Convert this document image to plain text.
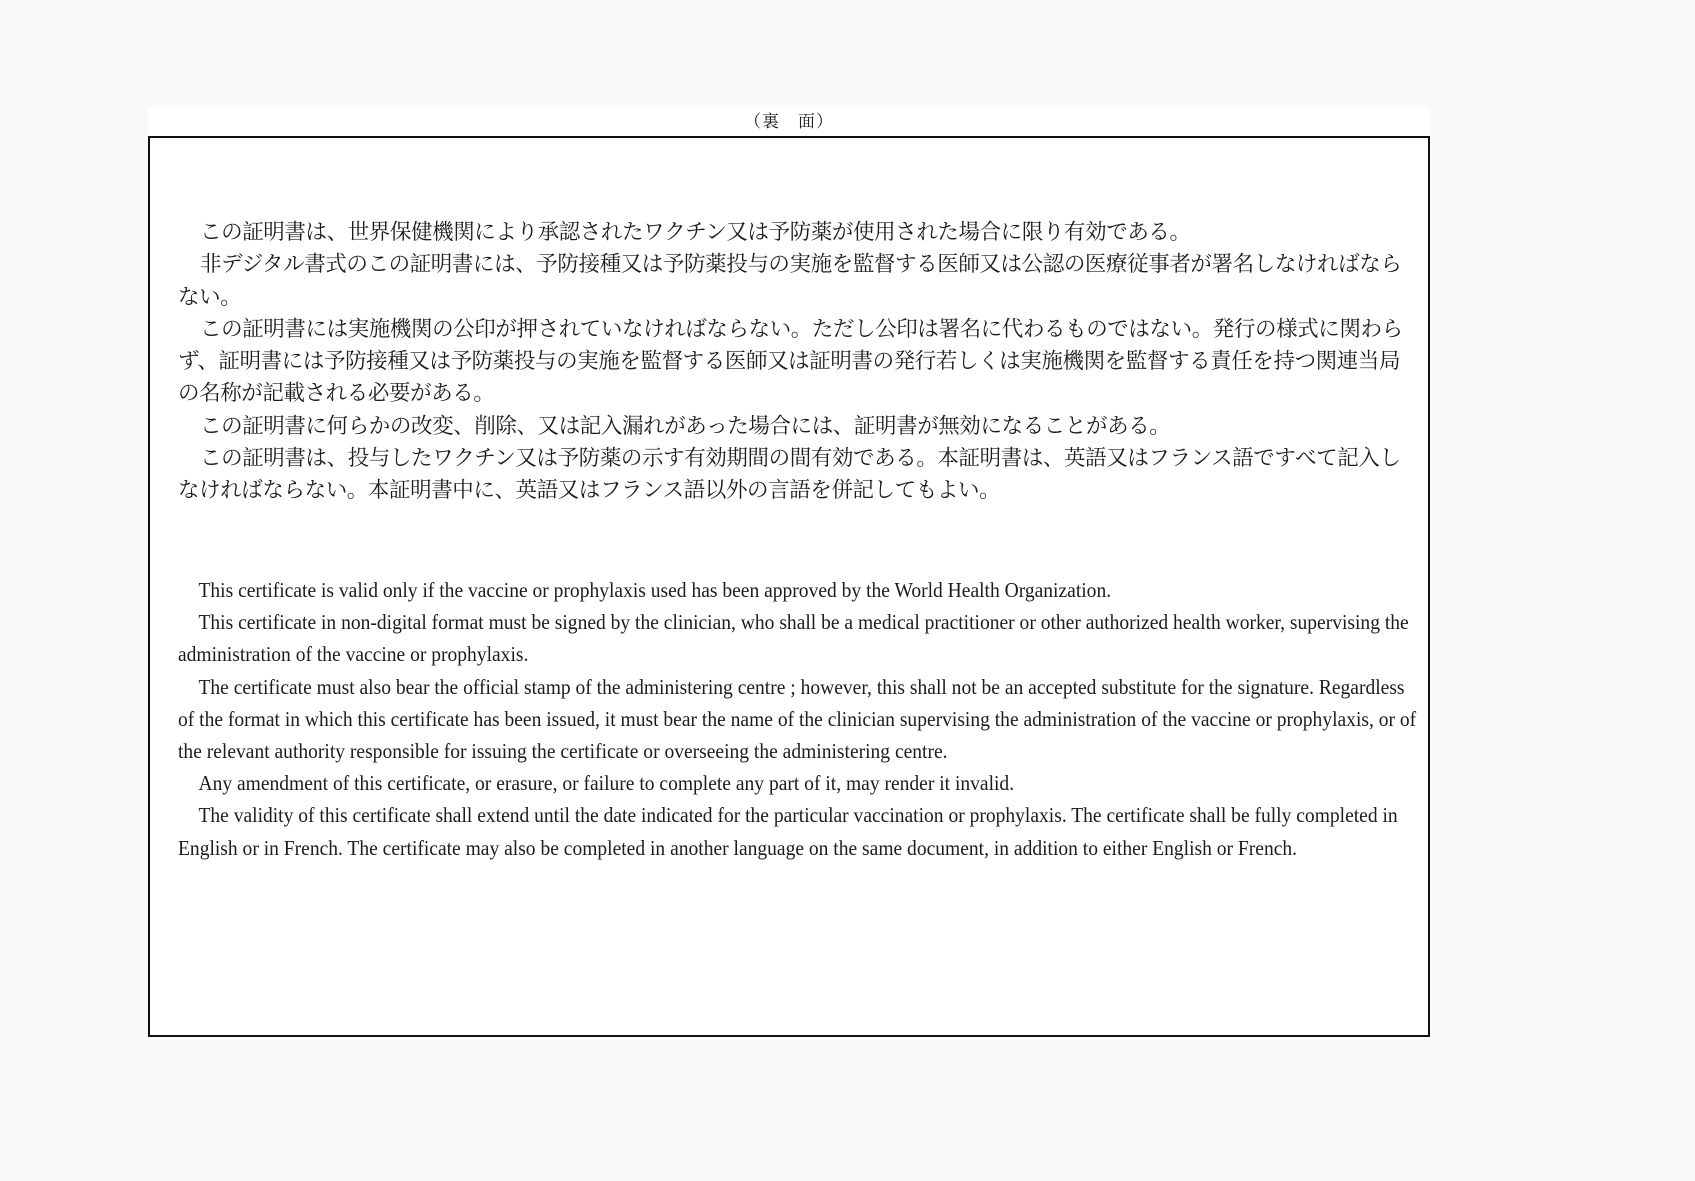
（裏　面）

この証明書は、世界保健機関により承認されたワクチン又は予防薬が使用された場合に限り有効である。

非デジタル書式のこの証明書には、予防接種又は予防薬投与の実施を監督する医師又は公認の医療従事者が署名しなければならない。

この証明書には実施機関の公印が押されていなければならない。ただし公印は署名に代わるものではない。発行の様式に関わらず、証明書には予防接種又は予防薬投与の実施を監督する医師又は証明書の発行若しくは実施機関を監督する責任を持つ関連当局の名称が記載される必要がある。

この証明書に何らかの改変、削除、又は記入漏れがあった場合には、証明書が無効になることがある。

この証明書は、投与したワクチン又は予防薬の示す有効期間の間有効である。本証明書は、英語又はフランス語ですべて記入しなければならない。本証明書中に、英語又はフランス語以外の言語を併記してもよい。

This certificate is valid only if the vaccine or prophylaxis used has been approved by the World Health Organization.

This certificate in non-digital format must be signed by the clinician, who shall be a medical practitioner or other authorized health worker, supervising the administration of the vaccine or prophylaxis.

The certificate must also bear the official stamp of the administering centre ; however, this shall not be an accepted substitute for the signature. Regardless of the format in which this certificate has been issued, it must bear the name of the clinician supervising the administration of the vaccine or prophylaxis, or of the relevant authority responsible for issuing the certificate or overseeing the administering centre.

Any amendment of this certificate, or erasure, or failure to complete any part of it, may render it invalid.

The validity of this certificate shall extend until the date indicated for the particular vaccination or prophylaxis. The certificate shall be fully completed in English or in French. The certificate may also be completed in another language on the same document, in addition to either English or French.
